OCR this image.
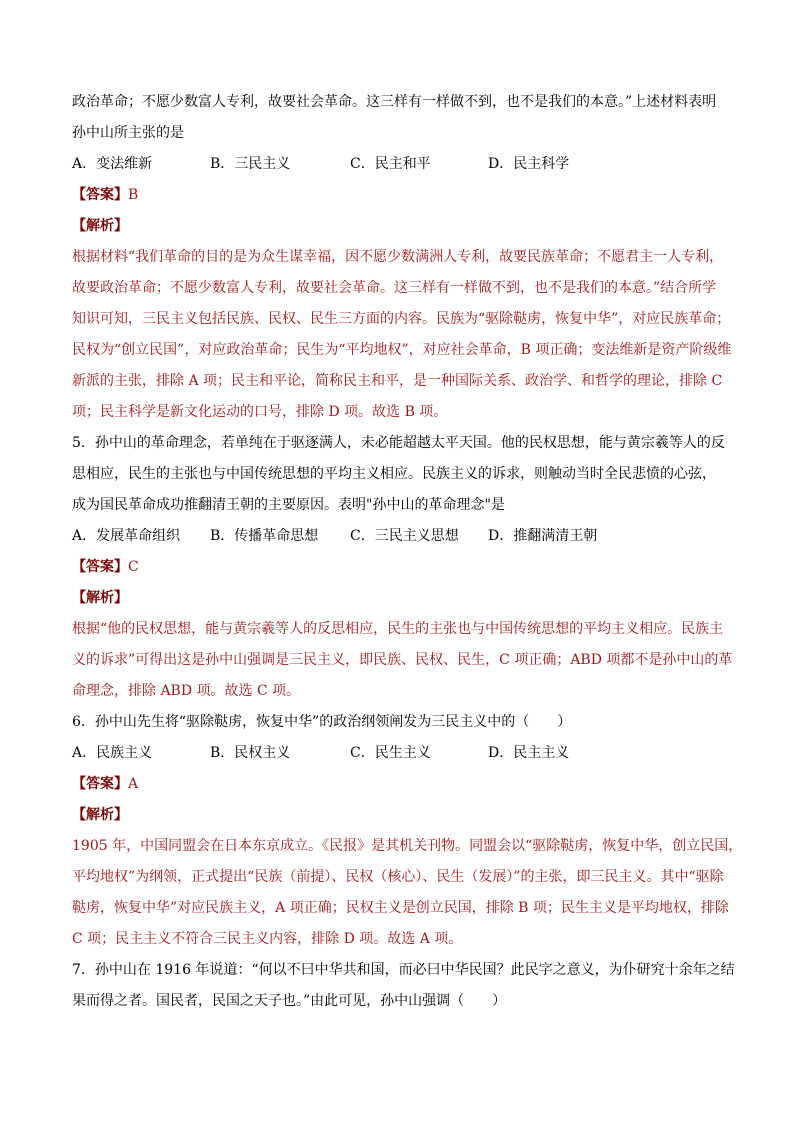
政治革命；不愿少数富人专利，故要社会革命。这三样有一样做不到，也不是我们的本意。”上述材料表明
孙中山所主张的是
A．变法维新	B．三民主义	C．民主和平	D．民主科学
【答案】B
【解析】
根据材料“我们革命的目的是为众生谋幸福，因不愿少数满洲人专利，故要民族革命；不愿君主一人专利，
故要政治革命；不愿少数富人专利，故要社会革命。这三样有一样做不到，也不是我们的本意。”结合所学
知识可知，三民主义包括民族、民权、民生三方面的内容。民族为“驱除鞑虏，恢复中华”，对应民族革命；
民权为“创立民国”，对应政治革命；民生为“平均地权”，对应社会革命，B 项正确；变法维新是资产阶级维
新派的主张，排除 A 项；民主和平论，简称民主和平，是一种国际关系、政治学、和哲学的理论，排除 C
项；民主科学是新文化运动的口号，排除 D 项。故选 B 项。
5．孙中山的革命理念，若单纯在于驱逐满人，未必能超越太平天国。他的民权思想，能与黄宗羲等人的反
思相应，民生的主张也与中国传统思想的平均主义相应。民族主义的诉求，则触动当时全民悲愤的心弦，
成为国民革命成功推翻清王朝的主要原因。表明"孙中山的革命理念"是
A．发展革命组织	B．传播革命思想	C．三民主义思想	D．推翻满清王朝
【答案】C
【解析】
根据“他的民权思想，能与黄宗羲等人的反思相应，民生的主张也与中国传统思想的平均主义相应。民族主
义的诉求”可得出这是孙中山强调是三民主义，即民族、民权、民生，C 项正确；ABD 项都不是孙中山的革
命理念，排除 ABD 项。故选 C 项。
6．孙中山先生将“驱除鞑虏，恢复中华”的政治纲领阐发为三民主义中的（　　）
A．民族主义	B．民权主义	C．民生主义	D．民主主义
【答案】A
【解析】
1905 年，中国同盟会在日本东京成立。《民报》是其机关刊物。同盟会以“驱除鞑虏，恢复中华，创立民国，
平均地权”为纲领，正式提出“民族（前提）、民权（核心）、民生（发展）”的主张，即三民主义。其中“驱除
鞑虏，恢复中华”对应民族主义，A 项正确；民权主义是创立民国，排除 B 项；民生主义是平均地权，排除
C 项；民主主义不符合三民主义内容，排除 D 项。故选 A 项。
7．孙中山在 1916 年说道：“何以不曰中华共和国，而必曰中华民国？此民字之意义，为仆研究十余年之结
果而得之者。国民者，民国之天子也。”由此可见，孙中山强调（　　）
